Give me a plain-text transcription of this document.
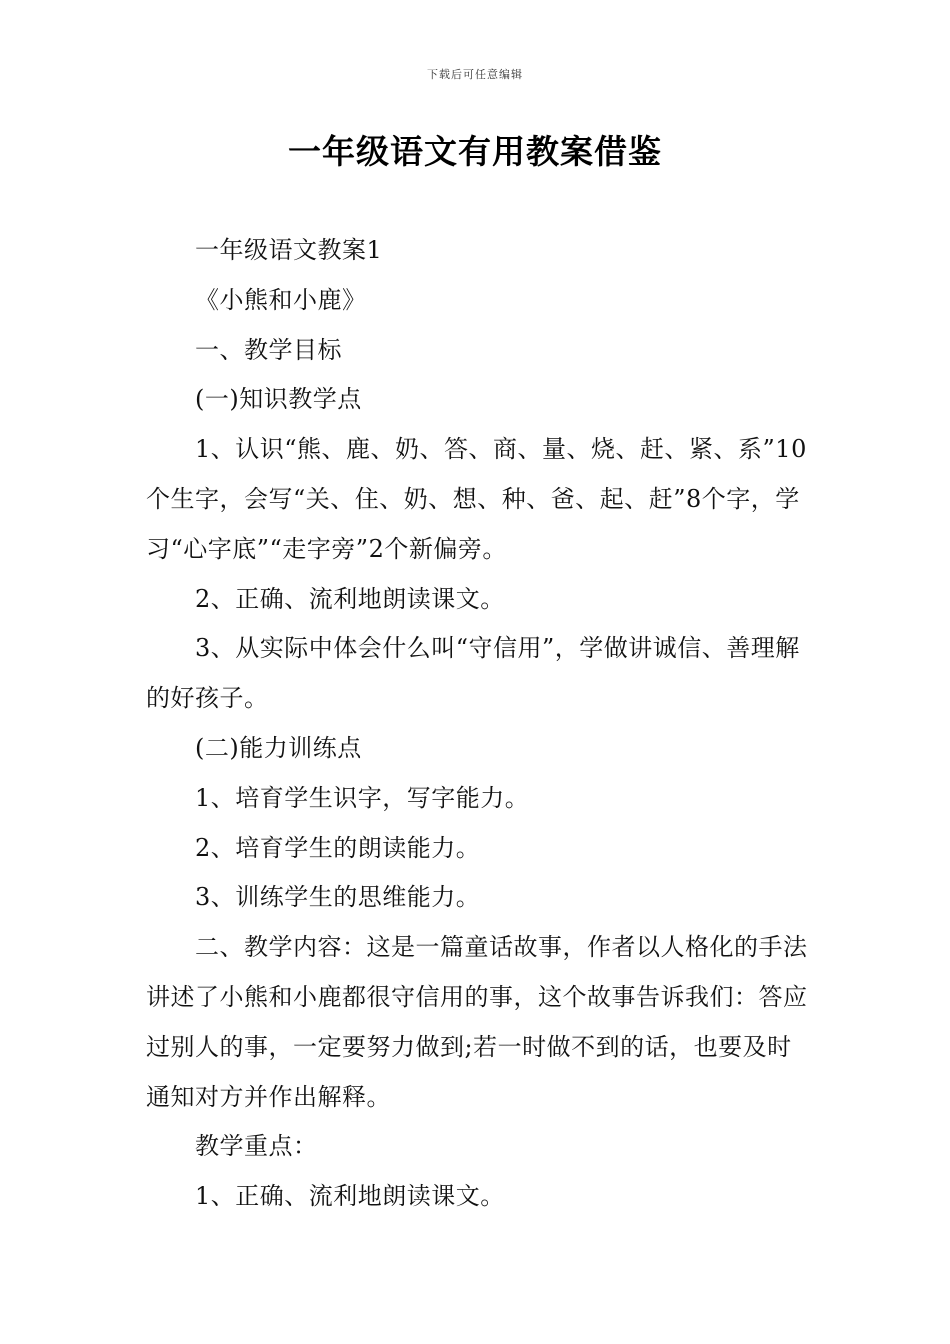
下载后可任意编辑
一年级语文有用教案借鉴

一年级语文教案1

《小熊和小鹿》

一、教学目标

(一)知识教学点

1、认识“熊、鹿、奶、答、商、量、烧、赶、紧、系”10个生字，会写“关、住、奶、想、种、爸、起、赶”8个字，学习“心字底”“走字旁”2个新偏旁。

2、正确、流利地朗读课文。

3、从实际中体会什么叫“守信用”，学做讲诚信、善理解的好孩子。

(二)能力训练点

1、培育学生识字，写字能力。

2、培育学生的朗读能力。

3、训练学生的思维能力。

二、教学内容：这是一篇童话故事，作者以人格化的手法讲述了小熊和小鹿都很守信用的事，这个故事告诉我们：答应过别人的事，一定要努力做到;若一时做不到的话，也要及时通知对方并作出解释。

教学重点：

1、正确、流利地朗读课文。
